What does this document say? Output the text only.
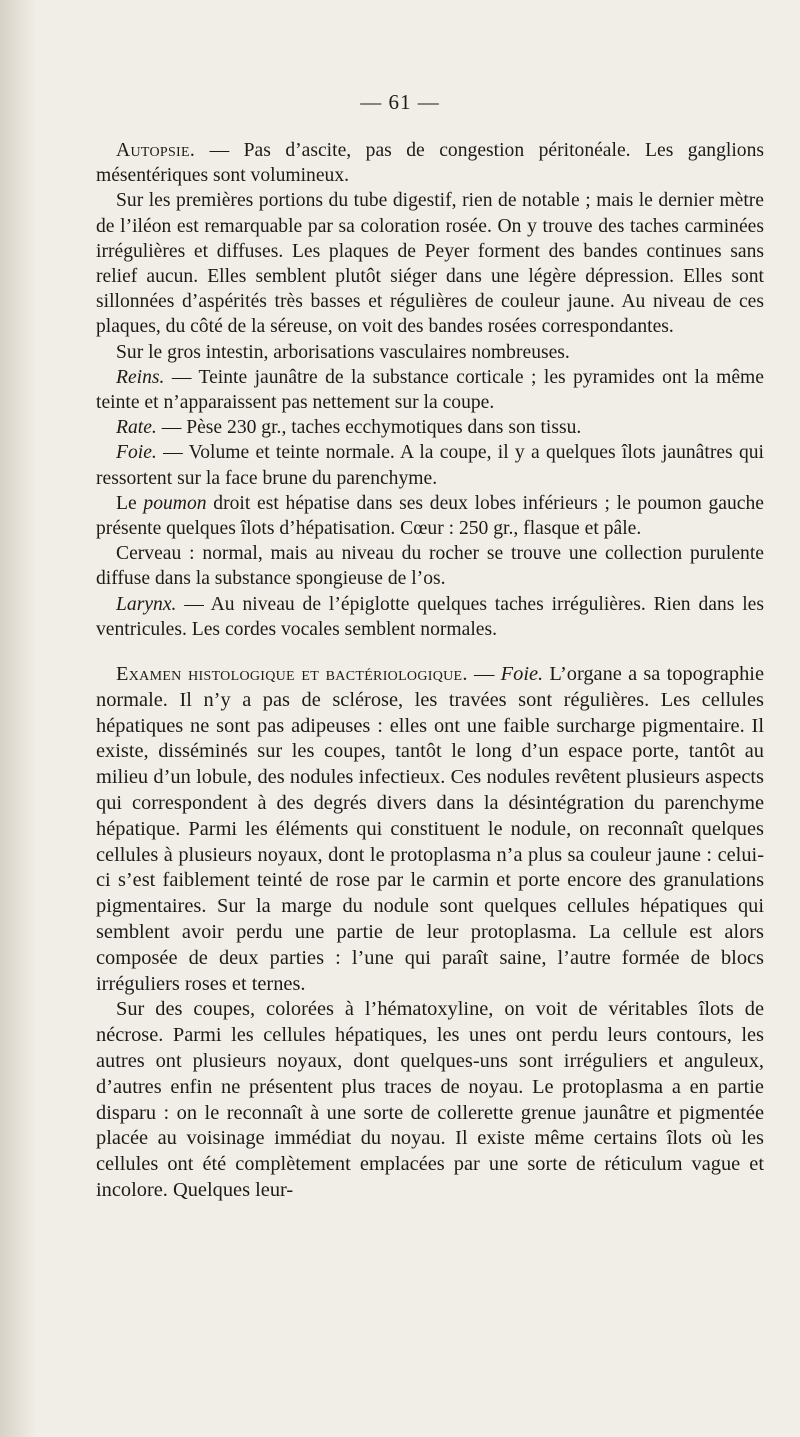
— 61 —

Autopsie. — Pas d’ascite, pas de congestion péritonéale. Les ganglions mésentériques sont volumineux.

Sur les premières portions du tube digestif, rien de notable ; mais le dernier mètre de l’iléon est remarquable par sa coloration rosée. On y trouve des taches carminées irrégulières et diffuses. Les plaques de Peyer forment des bandes continues sans relief aucun. Elles semblent plutôt siéger dans une légère dépression. Elles sont sillonnées d’aspérités très basses et régulières de couleur jaune. Au niveau de ces plaques, du côté de la séreuse, on voit des bandes rosées correspondantes.

Sur le gros intestin, arborisations vasculaires nombreuses.

Reins. — Teinte jaunâtre de la substance corticale ; les pyramides ont la même teinte et n’apparaissent pas nettement sur la coupe.

Rate. — Pèse 230 gr., taches ecchymotiques dans son tissu.

Foie. — Volume et teinte normale. A la coupe, il y a quelques îlots jaunâtres qui ressortent sur la face brune du parenchyme.

Le poumon droit est hépatise dans ses deux lobes inférieurs ; le poumon gauche présente quelques îlots d’hépatisation. Cœur : 250 gr., flasque et pâle.

Cerveau : normal, mais au niveau du rocher se trouve une collection purulente diffuse dans la substance spongieuse de l’os.

Larynx. — Au niveau de l’épiglotte quelques taches irrégulières. Rien dans les ventricules. Les cordes vocales semblent normales.

Examen histologique et bactériologique. — Foie. L’organe a sa topographie normale. Il n’y a pas de sclérose, les travées sont régulières. Les cellules hépatiques ne sont pas adipeuses : elles ont une faible surcharge pigmentaire. Il existe, disséminés sur les coupes, tantôt le long d’un espace porte, tantôt au milieu d’un lobule, des nodules infectieux. Ces nodules revêtent plusieurs aspects qui correspondent à des degrés divers dans la désintégration du parenchyme hépatique. Parmi les éléments qui constituent le nodule, on reconnaît quelques cellules à plusieurs noyaux, dont le protoplasma n’a plus sa couleur jaune : celui-ci s’est faiblement teinté de rose par le carmin et porte encore des granulations pigmentaires. Sur la marge du nodule sont quelques cellules hépatiques qui semblent avoir perdu une partie de leur protoplasma. La cellule est alors composée de deux parties : l’une qui paraît saine, l’autre formée de blocs irréguliers roses et ternes.

Sur des coupes, colorées à l’hématoxyline, on voit de véritables îlots de nécrose. Parmi les cellules hépatiques, les unes ont perdu leurs contours, les autres ont plusieurs noyaux, dont quelques-uns sont irréguliers et anguleux, d’autres enfin ne présentent plus traces de noyau. Le protoplasma a en partie disparu : on le reconnaît à une sorte de collerette grenue jaunâtre et pigmentée placée au voisinage immédiat du noyau. Il existe même certains îlots où les cellules ont été complètement emplacées par une sorte de réticulum vague et incolore. Quelques leur-
